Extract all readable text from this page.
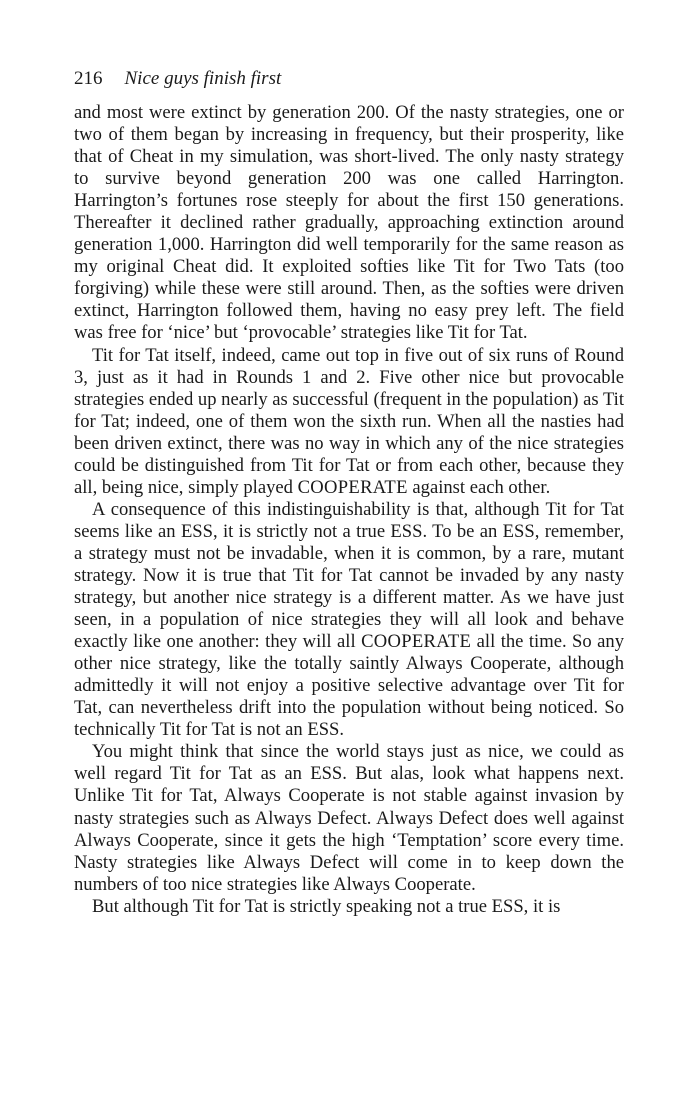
216 Nice guys finish first

and most were extinct by generation 200. Of the nasty strategies, one or two of them began by increasing in frequency, but their prosperity, like that of Cheat in my simulation, was short-lived. The only nasty strategy to survive beyond generation 200 was one called Harrington. Harrington’s fortunes rose steeply for about the first 150 generations. Thereafter it declined rather gradually, approaching extinction around generation 1,000. Harrington did well temporarily for the same reason as my original Cheat did. It exploited softies like Tit for Two Tats (too forgiving) while these were still around. Then, as the softies were driven extinct, Harrington followed them, having no easy prey left. The field was free for ‘nice’ but ‘provocable’ strategies like Tit for Tat.

Tit for Tat itself, indeed, came out top in five out of six runs of Round 3, just as it had in Rounds 1 and 2. Five other nice but provocable strategies ended up nearly as successful (frequent in the population) as Tit for Tat; indeed, one of them won the sixth run. When all the nasties had been driven extinct, there was no way in which any of the nice strategies could be distinguished from Tit for Tat or from each other, because they all, being nice, simply played COOPERATE against each other.

A consequence of this indistinguishability is that, although Tit for Tat seems like an ESS, it is strictly not a true ESS. To be an ESS, remember, a strategy must not be invadable, when it is common, by a rare, mutant strategy. Now it is true that Tit for Tat cannot be invaded by any nasty strategy, but another nice strategy is a different matter. As we have just seen, in a population of nice strategies they will all look and behave exactly like one another: they will all COOPERATE all the time. So any other nice strategy, like the totally saintly Always Cooperate, although admittedly it will not enjoy a positive selective advantage over Tit for Tat, can nevertheless drift into the population without being noticed. So technically Tit for Tat is not an ESS.

You might think that since the world stays just as nice, we could as well regard Tit for Tat as an ESS. But alas, look what happens next. Unlike Tit for Tat, Always Cooperate is not stable against invasion by nasty strategies such as Always Defect. Always Defect does well against Always Cooperate, since it gets the high ‘Temptation’ score every time. Nasty strategies like Always Defect will come in to keep down the numbers of too nice strategies like Always Cooperate.

But although Tit for Tat is strictly speaking not a true ESS, it is
